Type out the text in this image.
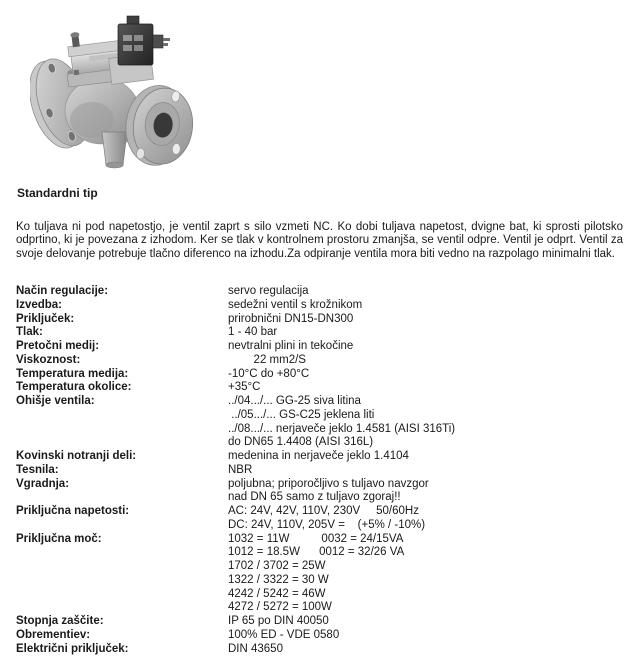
Standardni tip

Ko tuljava ni pod napetostjo, je ventil zaprt s silo vzmeti NC. Ko dobi tuljava napetost, dvigne bat, ki sprosti pilotsko odprtino, ki je povezana z izhodom. Ker se tlak v kontrolnem prostoru zmanjša, se ventil odpre. Ventil je odprt. Ventil za svoje delovanje potrebuje tlačno diferenco na izhodu.Za odpiranje ventila mora biti vedno na razpolago minimalni tlak.

Način regulacije:	servo regulacija
Izvedba:	sedežni ventil s krožnikom
Priključek:	prirobnični DN15-DN300
Tlak:	1 - 40 bar
Pretočni medij:	nevtralni plini in tekočine
Viskoznost:	22 mm2/S
Temperatura medija:	-10°C do +80°C
Temperatura okolice:	+35°C
Ohišje ventila:	../04.../... GG-25 siva litina
../05.../... GS-C25 jeklena liti
../08.../... nerjaveče jeklo 1.4581 (AISI 316Ti)
do DN65 1.4408 (AISI 316L)
Kovinski notranji deli:	medenina in nerjaveče jeklo 1.4104
Tesnila:	NBR
Vgradnja:	poljubna; priporočljivo s tuljavo navzgor
nad DN 65 samo z tuljavo zgoraj!!
Priključna napetosti:	AC: 24V, 42V, 110V, 230V     50/60Hz
DC: 24V, 110V, 205V =    (+5% / -10%)
Priključna moč:	1032 = 11W          0032 = 24/15VA
1012 = 18.5W      0012 = 32/26 VA
1702 / 3702 = 25W
1322 / 3322 = 30 W
4242 / 5242 = 46W
4272 / 5272 = 100W
Stopnja zaščite:	IP 65 po DIN 40050
Obrementiev:	100% ED - VDE 0580
Električni priključek:	DIN 43650
